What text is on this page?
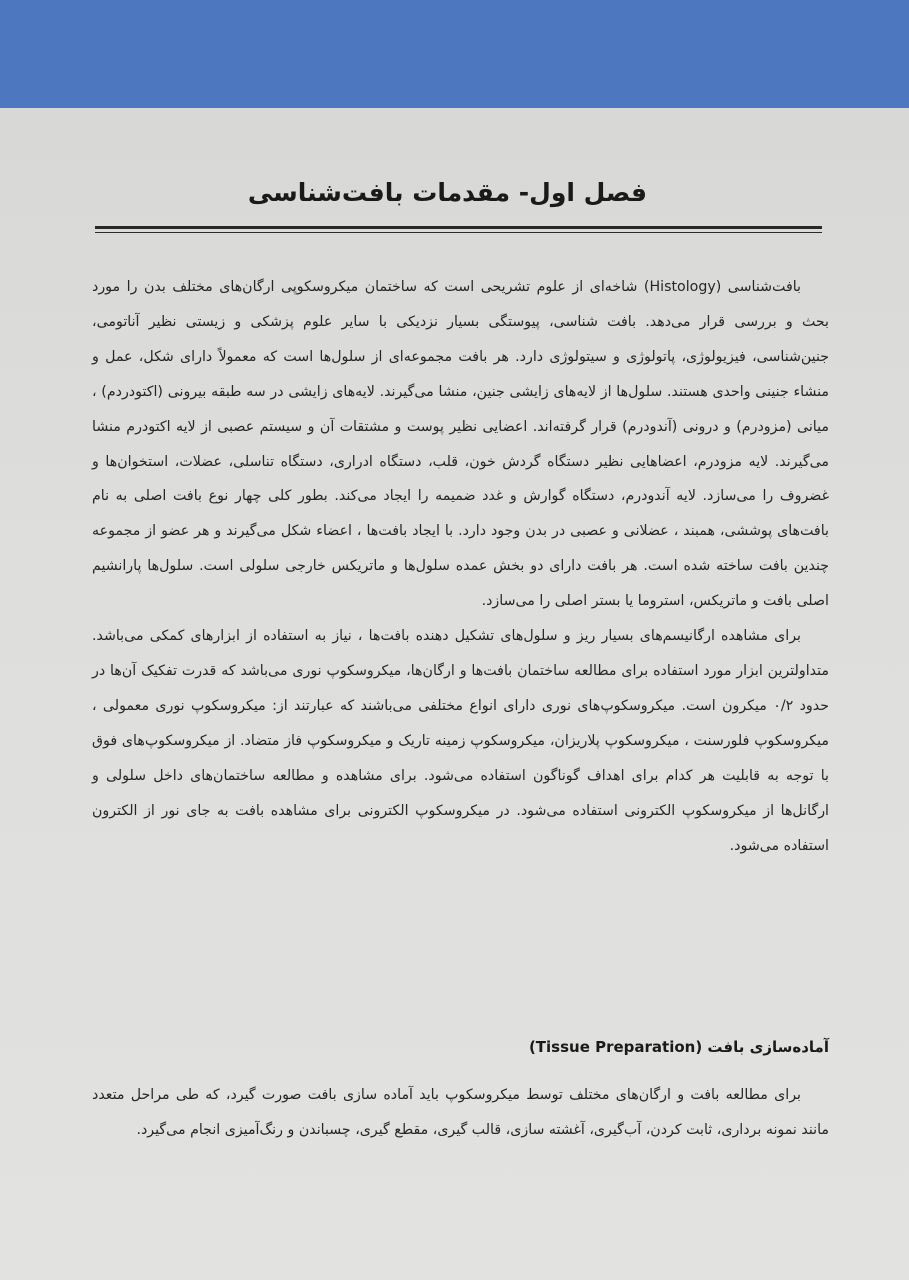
فصل اول- مقدمات بافت‌شناسی

بافت‌شناسی (Histology) شاخه‌ای از علوم تشریحی است که ساختمان میکروسکوپی ارگان‌های مختلف بدن را مورد بحث و بررسی قرار می‌دهد. بافت شناسی، پیوستگی بسیار نزدیکی با سایر علوم پزشکی و زیستی نظیر آناتومی، جنین‌شناسی، فیزیولوژی، پاتولوژی و سیتولوژی دارد. هر بافت مجموعه‌ای از سلول‌ها است که معمولاً دارای شکل، عمل و منشاء جنینی واحدی هستند. سلول‌ها از لایه‌های زایشی جنین، منشا می‌گیرند. لایه‌های زایشی در سه طبقه بیرونی (اکتودردم) ، میانی (مزودرم) و درونی (آندودرم) قرار گرفته‌اند. اعضایی نظیر پوست و مشتقات آن و سیستم عصبی از لایه اکتودرم منشا می‌گیرند. لایه مزودرم، اعضاهایی نظیر دستگاه گردش خون، قلب، دستگاه ادراری، دستگاه تناسلی، عضلات، استخوان‌ها و غضروف را می‌سازد. لایه آندودرم، دستگاه گوارش و غدد ضمیمه را ایجاد می‌کند. بطور کلی چهار نوع بافت اصلی به نام بافت‌های پوششی، همبند ، عضلانی و عصبی در بدن وجود دارد. با ایجاد بافت‌ها ، اعضاء شکل می‌گیرند و هر عضو از مجموعه چندین بافت ساخته شده است. هر بافت دارای دو بخش عمده سلول‌ها و ماتریکس خارجی سلولی است. سلول‌ها پارانشیم اصلی بافت و ماتریکس، استروما یا بستر اصلی را می‌سازد.

برای مشاهده ارگانیسم‌های بسیار ریز و سلول‌های تشکیل دهنده بافت‌ها ، نیاز به استفاده از ابزارهای کمکی می‌باشد. متداولترین ابزار مورد استفاده برای مطالعه ساختمان بافت‌ها و ارگان‌ها، میکروسکوپ نوری می‌باشد که قدرت تفکیک آن‌ها در حدود ۰/۲ میکرون است. میکروسکوپ‌های نوری دارای انواع مختلفی می‌باشند که عبارتند از: میکروسکوپ نوری معمولی ، میکروسکوپ فلورسنت ، میکروسکوپ پلاریزان، میکروسکوپ زمینه تاریک و میکروسکوپ فاز متضاد. از میکروسکوپ‌های فوق با توجه به قابلیت هر کدام برای اهداف گوناگون استفاده می‌شود. برای مشاهده و مطالعه ساختمان‌های داخل سلولی و ارگانل‌ها از میکروسکوپ الکترونی استفاده می‌شود. در میکروسکوپ الکترونی برای مشاهده بافت به جای نور از الکترون استفاده می‌شود.

آماده‌سازی بافت (Tissue Preparation)

برای مطالعه بافت و ارگان‌های مختلف توسط میکروسکوپ باید آماده سازی بافت صورت گیرد، که طی مراحل متعدد مانند نمونه برداری، ثابت کردن، آب‌گیری، آغشته سازی، قالب گیری، مقطع گیری، چسباندن و رنگ‌آمیزی انجام می‌گیرد.
